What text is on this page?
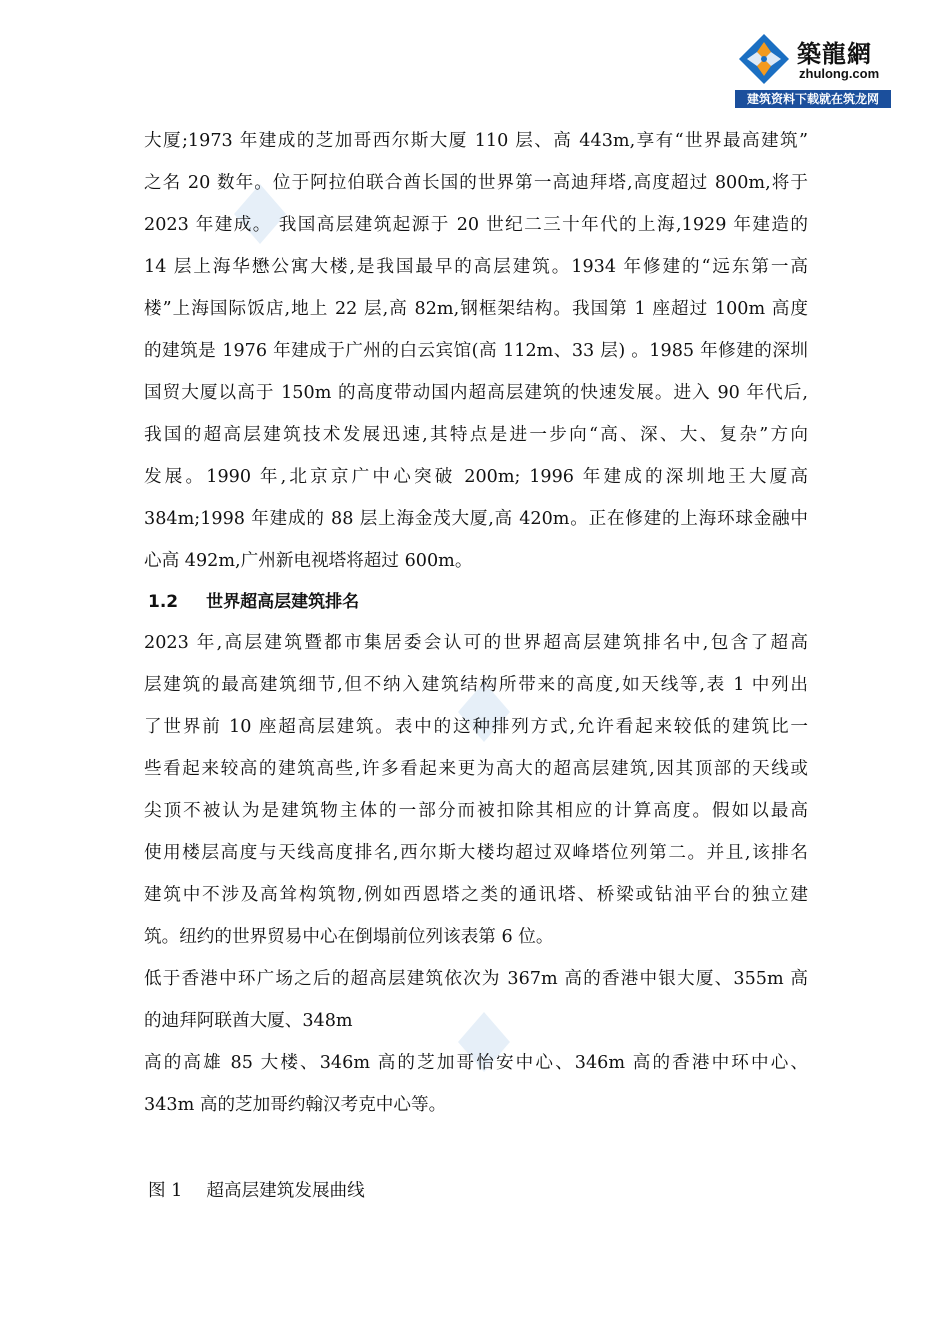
築龍網
zhulong.com
建筑资料下载就在筑龙网
大厦;1973 年建成的芝加哥西尔斯大厦 110 层、高 443m,享有“世界最高建筑”
之名 20 数年。位于阿拉伯联合酋长国的世界第一高迪拜塔,高度超过 800m,将于
2023 年建成。 我国高层建筑起源于 20 世纪二三十年代的上海,1929 年建造的
14 层上海华懋公寓大楼,是我国最早的高层建筑。1934 年修建的“远东第一高
楼”上海国际饭店,地上 22 层,高 82m,钢框架结构。我国第 1 座超过 100m 高度
的建筑是 1976 年建成于广州的白云宾馆(高 112m、33 层) 。1985 年修建的深圳
国贸大厦以高于 150m 的高度带动国内超高层建筑的快速发展。进入 90 年代后,
我国的超高层建筑技术发展迅速,其特点是进一步向“高、深、大、复杂”方向
发展。1990 年,北京京广中心突破 200m; 1996 年建成的深圳地王大厦高
384m;1998 年建成的 88 层上海金茂大厦,高 420m。正在修建的上海环球金融中
心高 492m,广州新电视塔将超过 600m。
1.2 世界超高层建筑排名
2023 年,高层建筑暨都市集居委会认可的世界超高层建筑排名中,包含了超高
层建筑的最高建筑细节,但不纳入建筑结构所带来的高度,如天线等,表 1 中列出
了世界前 10 座超高层建筑。表中的这种排列方式,允许看起来较低的建筑比一
些看起来较高的建筑高些,许多看起来更为高大的超高层建筑,因其顶部的天线或
尖顶不被认为是建筑物主体的一部分而被扣除其相应的计算高度。假如以最高
使用楼层高度与天线高度排名,西尔斯大楼均超过双峰塔位列第二。并且,该排名
建筑中不涉及高耸构筑物,例如西恩塔之类的通讯塔、桥梁或钻油平台的独立建
筑。纽约的世界贸易中心在倒塌前位列该表第 6 位。
低于香港中环广场之后的超高层建筑依次为 367m 高的香港中银大厦、355m 高
的迪拜阿联酋大厦、348m
高的高雄 85 大楼、346m 高的芝加哥怡安中心、346m 高的香港中环中心、
343m 高的芝加哥约翰汉考克中心等。
图 1 超高层建筑发展曲线
